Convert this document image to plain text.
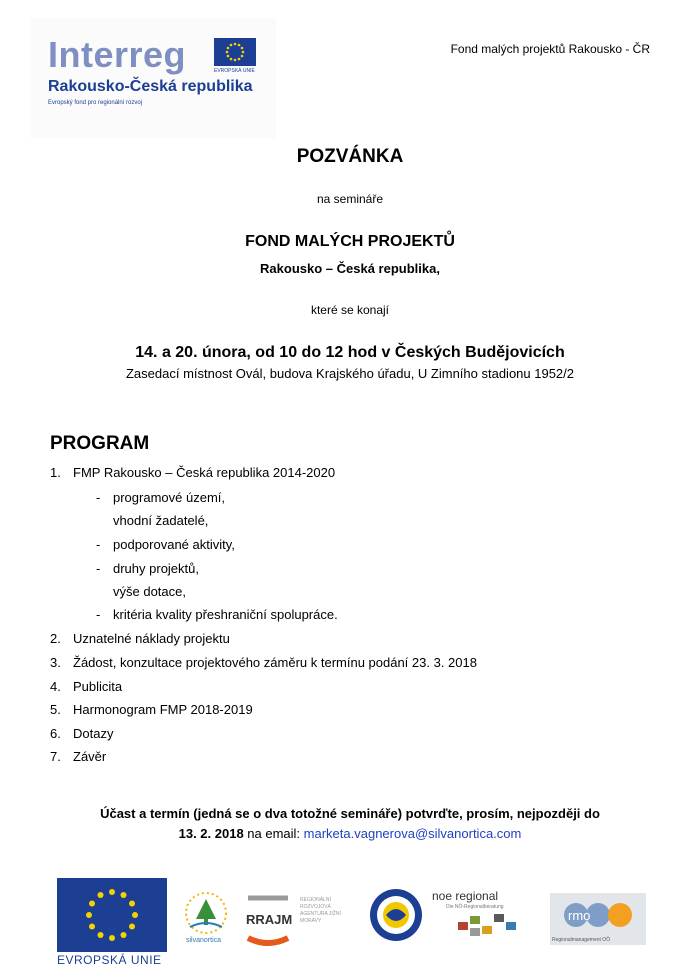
Interreg	EVROPSKÁ UNIE
Rakousko-Česká republika
Evropský fond pro regionální rozvoj
Fond malých projektů Rakousko - ČR
POZVÁNKA
na semináře
FOND MALÝCH PROJEKTŮ
Rakousko – Česká republika,
které se konají
14. a 20. února, od 10 do 12 hod v Českých Budějovicích
Zasedací místnost Ovál, budova Krajského úřadu, U Zimního stadionu 1952/2
PROGRAM
1. FMP Rakousko – Česká republika 2014-2020
- programové území,
vhodní žadatelé,
- podporované aktivity,
- druhy projektů,
výše dotace,
- kritéria kvality přeshraniční spolupráce.
2. Uznatelné náklady projektu
3. Žádost, konzultace projektového záměru k termínu podání 23. 3. 2018
4. Publicita
5. Harmonogram FMP 2018-2019
6. Dotazy
7. Závěr
Účast a termín (jedná se o dva totožné semináře) potvrďte, prosím, nejpozději do
13. 2. 2018 na email: marketa.vagnerova@silvanortica.com
EVROPSKÁ UNIE
silvanortica
RRAJM
REGIONÁLNÍ ROZVOJOVÁ AGENTURA JIŽNÍ MORAVY
noe regional
Die NÖ-Regionalberatung
rmo
Regionalmanagement OÖ
